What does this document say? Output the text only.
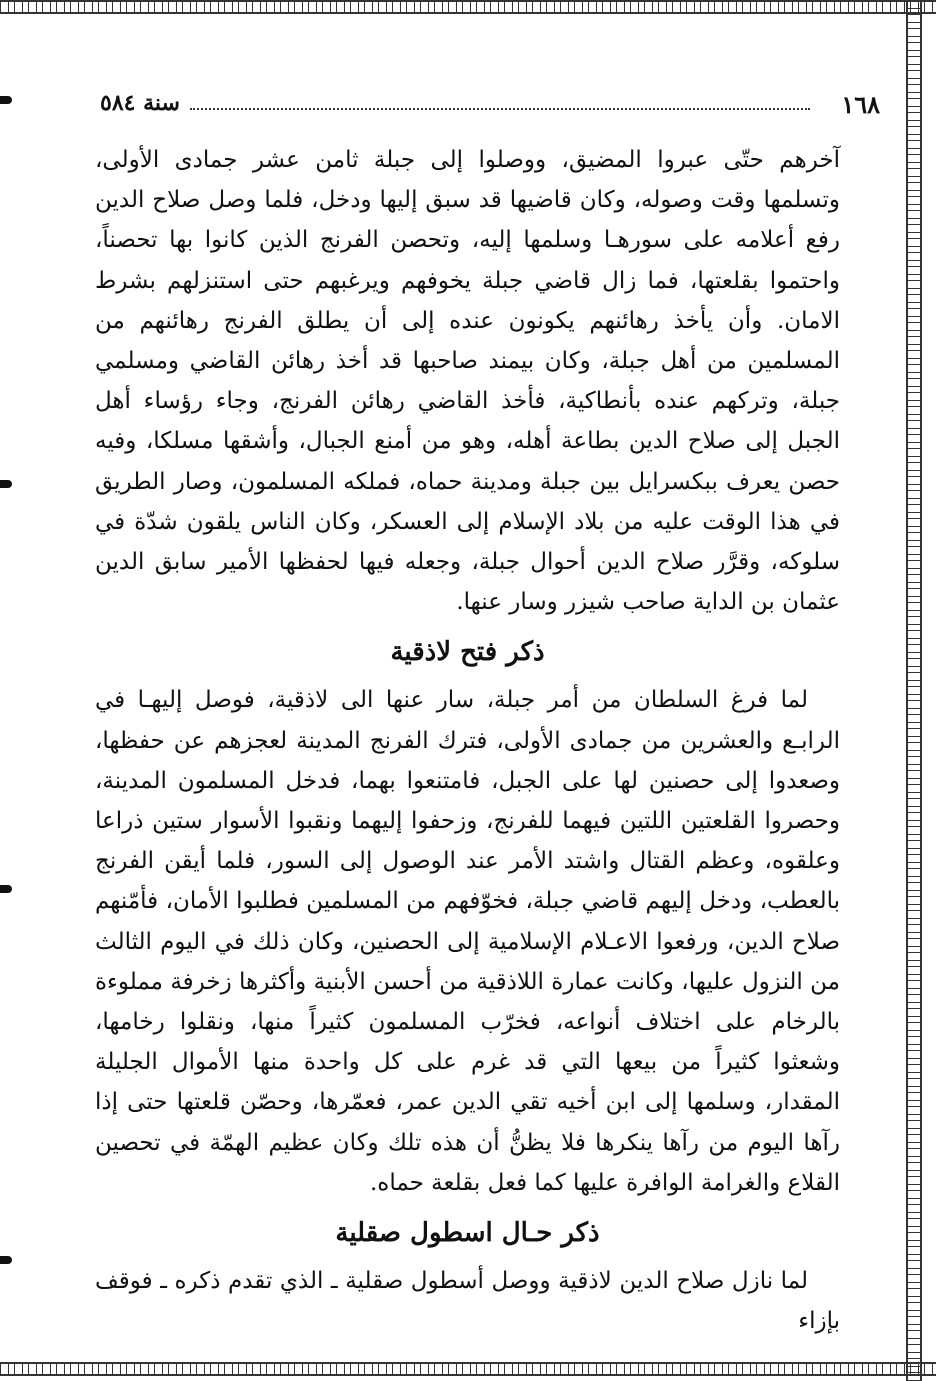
١٦٨
سنة ٥٨٤

آخرهم حتّى عبروا المضيق، ووصلوا إلى جبلة ثامن عشر جمادى الأولى، وتسلمها وقت وصوله، وكان قاضيها قد سبق إليها ودخل، فلما وصل صلاح الدين رفع أعلامه على سورهـا وسلمها إليه، وتحصن الفرنج الذين كانوا بها تحصناً، واحتموا بقلعتها، فما زال قاضي جبلة يخوفهم ويرغبهم حتى استنزلهم بشرط الامان. وأن يأخذ رهائنهم يكونون عنده إلى أن يطلق الفرنج رهائنهم من المسلمين من أهل جبلة، وكان بيمند صاحبها قد أخذ رهائن القاضي ومسلمي جبلة، وتركهم عنده بأنطاكية، فأخذ القاضي رهائن الفرنج، وجاء رؤساء أهل الجبل إلى صلاح الدين بطاعة أهله، وهو من أمنع الجبال، وأشقها مسلكا، وفيه حصن يعرف ببكسرايل بين جبلة ومدينة حماه، فملكه المسلمون، وصار الطريق في هذا الوقت عليه من بلاد الإسلام إلى العسكر، وكان الناس يلقون شدّة في سلوكه، وقرَّر صلاح الدين أحوال جبلة، وجعله فيها لحفظها الأمير سابق الدين عثمان بن الداية صاحب شيزر وسار عنها.

ذكر فتح لاذقية

لما فرغ السلطان من أمر جبلة، سار عنها الى لاذقية، فوصل إليهـا في الرابـع والعشرين من جمادى الأولى، فترك الفرنج المدينة لعجزهم عن حفظها، وصعدوا إلى حصنين لها على الجبل، فامتنعوا بهما، فدخل المسلمون المدينة، وحصروا القلعتين اللتين فيهما للفرنج، وزحفوا إليهما ونقبوا الأسوار ستين ذراعا وعلقوه، وعظم القتال واشتد الأمر عند الوصول إلى السور، فلما أيقن الفرنج بالعطب، ودخل إليهم قاضي جبلة، فخوّفهم من المسلمين فطلبوا الأمان، فأمّنهم صلاح الدين، ورفعوا الاعـلام الإسلامية إلى الحصنين، وكان ذلك في اليوم الثالث من النزول عليها، وكانت عمارة اللاذقية من أحسن الأبنية وأكثرها زخرفة مملوءة بالرخام على اختلاف أنواعه، فخرّب المسلمون كثيراً منها، ونقلوا رخامها، وشعثوا كثيراً من بيعها التي قد غرم على كل واحدة منها الأموال الجليلة المقدار، وسلمها إلى ابن أخيه تقي الدين عمر، فعمّرها، وحصّن قلعتها حتى إذا رآها اليوم من رآها ينكرها فلا يظنُّ أن هذه تلك وكان عظيم الهمّة في تحصين القلاع والغرامة الوافرة عليها كما فعل بقلعة حماه.

ذكر حـال اسطول صقلية

لما نازل صلاح الدين لاذقية ووصل أسطول صقلية ـ الذي تقدم ذكره ـ فوقف بإزاء
